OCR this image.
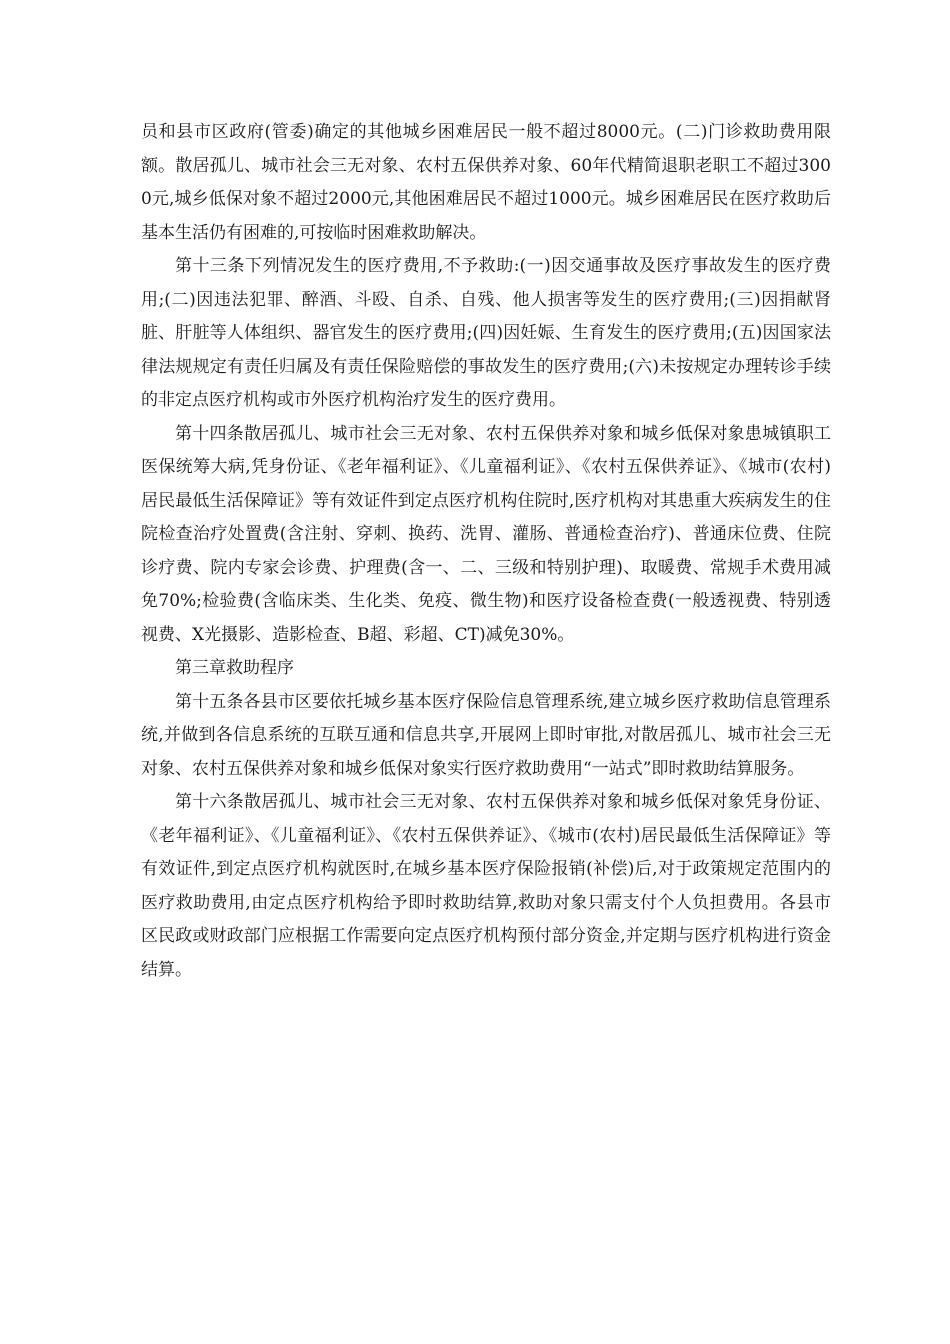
员和县市区政府(管委)确定的其他城乡困难居民一般不超过8000元。(二)门诊救助费用限额。散居孤儿、城市社会三无对象、农村五保供养对象、60年代精简退职老职工不超过3000元,城乡低保对象不超过2000元,其他困难居民不超过1000元。城乡困难居民在医疗救助后基本生活仍有困难的,可按临时困难救助解决。

第十三条下列情况发生的医疗费用,不予救助:(一)因交通事故及医疗事故发生的医疗费用;(二)因违法犯罪、醉酒、斗殴、自杀、自残、他人损害等发生的医疗费用;(三)因捐献肾脏、肝脏等人体组织、器官发生的医疗费用;(四)因妊娠、生育发生的医疗费用;(五)因国家法律法规规定有责任归属及有责任保险赔偿的事故发生的医疗费用;(六)未按规定办理转诊手续的非定点医疗机构或市外医疗机构治疗发生的医疗费用。

第十四条散居孤儿、城市社会三无对象、农村五保供养对象和城乡低保对象患城镇职工医保统筹大病,凭身份证、《老年福利证》、《儿童福利证》、《农村五保供养证》、《城市(农村)居民最低生活保障证》等有效证件到定点医疗机构住院时,医疗机构对其患重大疾病发生的住院检查治疗处置费(含注射、穿刺、换药、洗胃、灌肠、普通检查治疗)、普通床位费、住院诊疗费、院内专家会诊费、护理费(含一、二、三级和特别护理)、取暖费、常规手术费用减免70%;检验费(含临床类、生化类、免疫、微生物)和医疗设备检查费(一般透视费、特别透视费、X光摄影、造影检查、B超、彩超、CT)减免30%。

第三章救助程序

第十五条各县市区要依托城乡基本医疗保险信息管理系统,建立城乡医疗救助信息管理系统,并做到各信息系统的互联互通和信息共享,开展网上即时审批,对散居孤儿、城市社会三无对象、农村五保供养对象和城乡低保对象实行医疗救助费用“一站式”即时救助结算服务。

第十六条散居孤儿、城市社会三无对象、农村五保供养对象和城乡低保对象凭身份证、《老年福利证》、《儿童福利证》、《农村五保供养证》、《城市(农村)居民最低生活保障证》等有效证件,到定点医疗机构就医时,在城乡基本医疗保险报销(补偿)后,对于政策规定范围内的医疗救助费用,由定点医疗机构给予即时救助结算,救助对象只需支付个人负担费用。各县市区民政或财政部门应根据工作需要向定点医疗机构预付部分资金,并定期与医疗机构进行资金结算。
